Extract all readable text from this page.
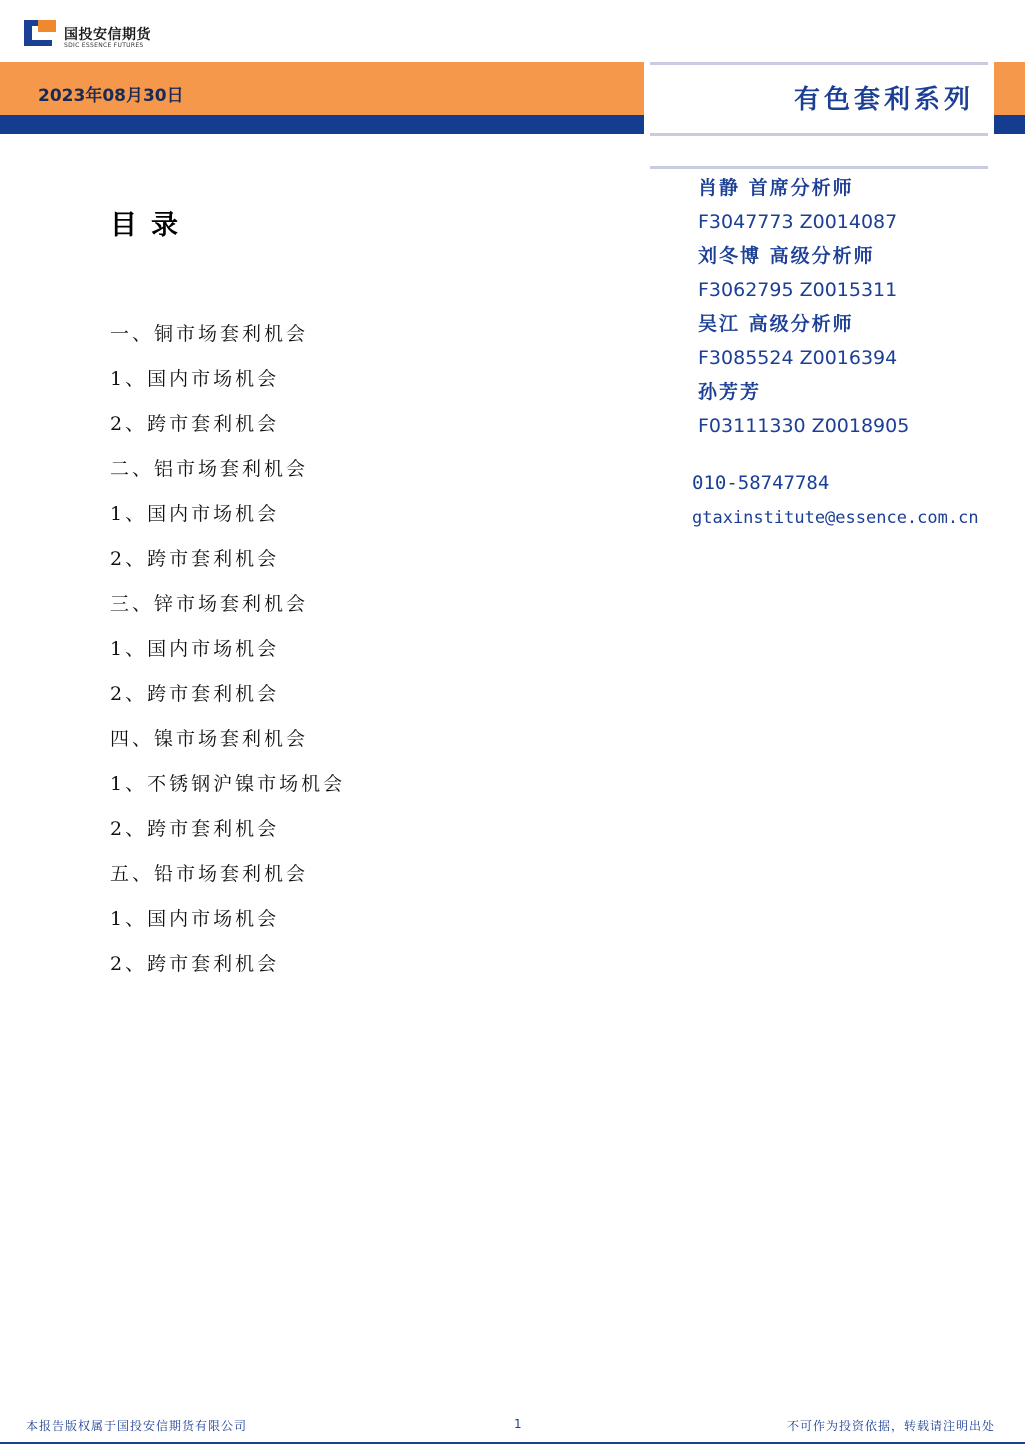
国投安信期货
SDIC ESSENCE FUTURES
2023年08月30日	有色套利系列
目录
一、铜市场套利机会
1、国内市场机会
2、跨市套利机会
二、铝市场套利机会
1、国内市场机会
2、跨市套利机会
三、锌市场套利机会
1、国内市场机会
2、跨市套利机会
四、镍市场套利机会
1、不锈钢沪镍市场机会
2、跨市套利机会
五、铅市场套利机会
1、国内市场机会
2、跨市套利机会
肖静 首席分析师
F3047773 Z0014087
刘冬博 高级分析师
F3062795 Z0015311
吴江 高级分析师
F3085524 Z0016394
孙芳芳
F03111330 Z0018905
010-58747784
gtaxinstitute@essence.com.cn
本报告版权属于国投安信期货有限公司	1	不可作为投资依据，转载请注明出处
